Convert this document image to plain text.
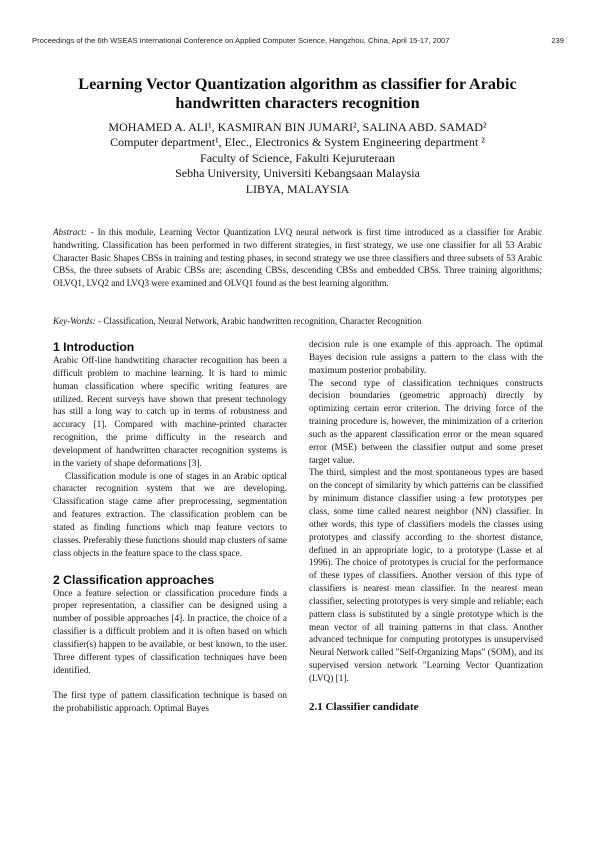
Proceedings of the 6th WSEAS International Conference on Applied Computer Science, Hangzhou, China, April 15-17, 2007	239
Learning Vector Quantization algorithm as classifier for Arabic
handwritten characters recognition
MOHAMED A. ALI¹, KASMIRAN BIN JUMARI², SALINA ABD. SAMAD²
Computer department¹, Elec., Electronics & System Engineering department ²
Faculty of Science, Fakulti Kejuruteraan
Sebha University, Universiti Kebangsaan Malaysia
LIBYA, MALAYSIA
Abstract: - In this module, Learning Vector Quantization LVQ neural network is first time introduced as a classifier for Arabic handwriting. Classification has been performed in two different strategies, in first strategy, we use one classifier for all 53 Arabic Character Basic Shapes CBSs in training and testing phases, in second strategy we use three classifiers and three subsets of 53 Arabic CBSs, the three subsets of Arabic CBSs are; ascending CBSs, descending CBSs and embedded CBSs. Three training algorithms; OLVQ1, LVQ2 and LVQ3 were examined and OLVQ1 found as the best learning algorithm.
Key-Words: - Classification, Neural Network, Arabic handwritten recognition, Character Recognition

1 Introduction

Arabic Off-line handwriting character recognition has been a difficult problem to machine learning. It is hard to mimic human classification where specific writing features are utilized. Recent surveys have shown that present technology has still a long way to catch up in terms of robustness and accuracy [1]. Compared with machine-printed character recognition, the prime difficulty in the research and development of handwritten character recognition systems is in the variety of shape deformations [3].

Classification module is one of stages in an Arabic optical character recognition system that we are developing. Classification stage came after preprocessing, segmentation and features extraction. The classification problem can be stated as finding functions which map feature vectors to classes. Preferably these functions should map clusters of same class objects in the feature space to the class space.

2 Classification approaches

Once a feature selection or classification procedure finds a proper representation, a classifier can be designed using a number of possible approaches [4]. In practice, the choice of a classifier is a difficult problem and it is often based on which classifier(s) happen to be available, or best known, to the user. Three different types of classification techniques have been identified.

The first type of pattern classification technique is based on the probabilistic approach. Optimal Bayes

decision rule is one example of this approach. The optimal Bayes decision rule assigns a pattern to the class with the maximum posterior probability.

The second type of classification techniques constructs decision boundaries (geometric approach) directly by optimizing certain error criterion. The driving force of the training procedure is, however, the minimization of a criterion such as the apparent classification error or the mean squared error (MSE) between the classifier output and some preset target value.

The third, simplest and the most spontaneous types are based on the concept of similarity by which patterns can be classified by minimum distance classifier using a few prototypes per class, some time called nearest neighbor (NN) classifier. In other words, this type of classifiers models the classes using prototypes and classify according to the shortest distance, defined in an appropriate logic, to a prototype (Lasse et al 1996). The choice of prototypes is crucial for the performance of these types of classifiers. Another version of this type of classifiers is nearest mean classifier. In the nearest mean classifier, selecting prototypes is very simple and reliable; each pattern class is substituted by a single prototype which is the mean vector of all training patterns in that class. Another advanced technique for computing prototypes is unsupervised Neural Network called "Self-Organizing Maps" (SOM), and its supervised version network "Learning Vector Quantization (LVQ) [1].

2.1 Classifier candidate
